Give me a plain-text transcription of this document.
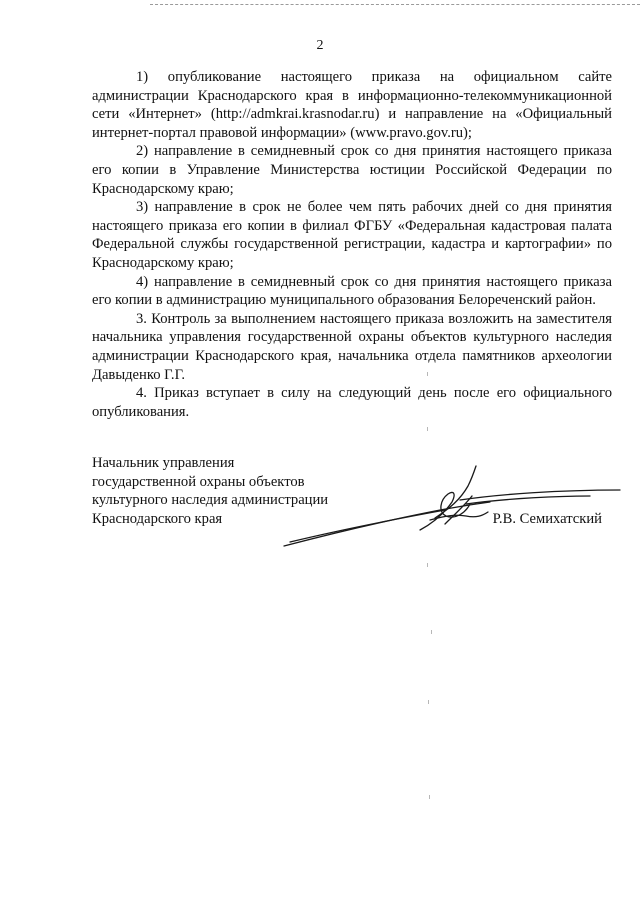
2

1) опубликование настоящего приказа на официальном сайте администрации Краснодарского края в информационно-телекоммуникационной сети «Интернет» (http://admkrai.krasnodar.ru) и направление на «Официальный интернет-портал правовой информации» (www.pravo.gov.ru);

2) направление в семидневный срок со дня принятия настоящего приказа его копии в Управление Министерства юстиции Российской Федерации по Краснодарскому краю;

3) направление в срок не более чем пять рабочих дней со дня принятия настоящего приказа его копии в филиал ФГБУ «Федеральная кадастровая палата Федеральной службы государственной регистрации, кадастра и картографии» по Краснодарскому краю;

4) направление в семидневный срок со дня принятия настоящего приказа его копии в администрацию муниципального образования Белореченский район.

3. Контроль за выполнением настоящего приказа возложить на заместителя начальника управления государственной охраны объектов культурного наследия администрации Краснодарского края, начальника отдела памятников археологии Давыденко Г.Г.

4. Приказ вступает в силу на следующий день после его официального опубликования.

Начальник управления
государственной охраны объектов
культурного наследия администрации
Краснодарского края	Р.В. Семихатский
